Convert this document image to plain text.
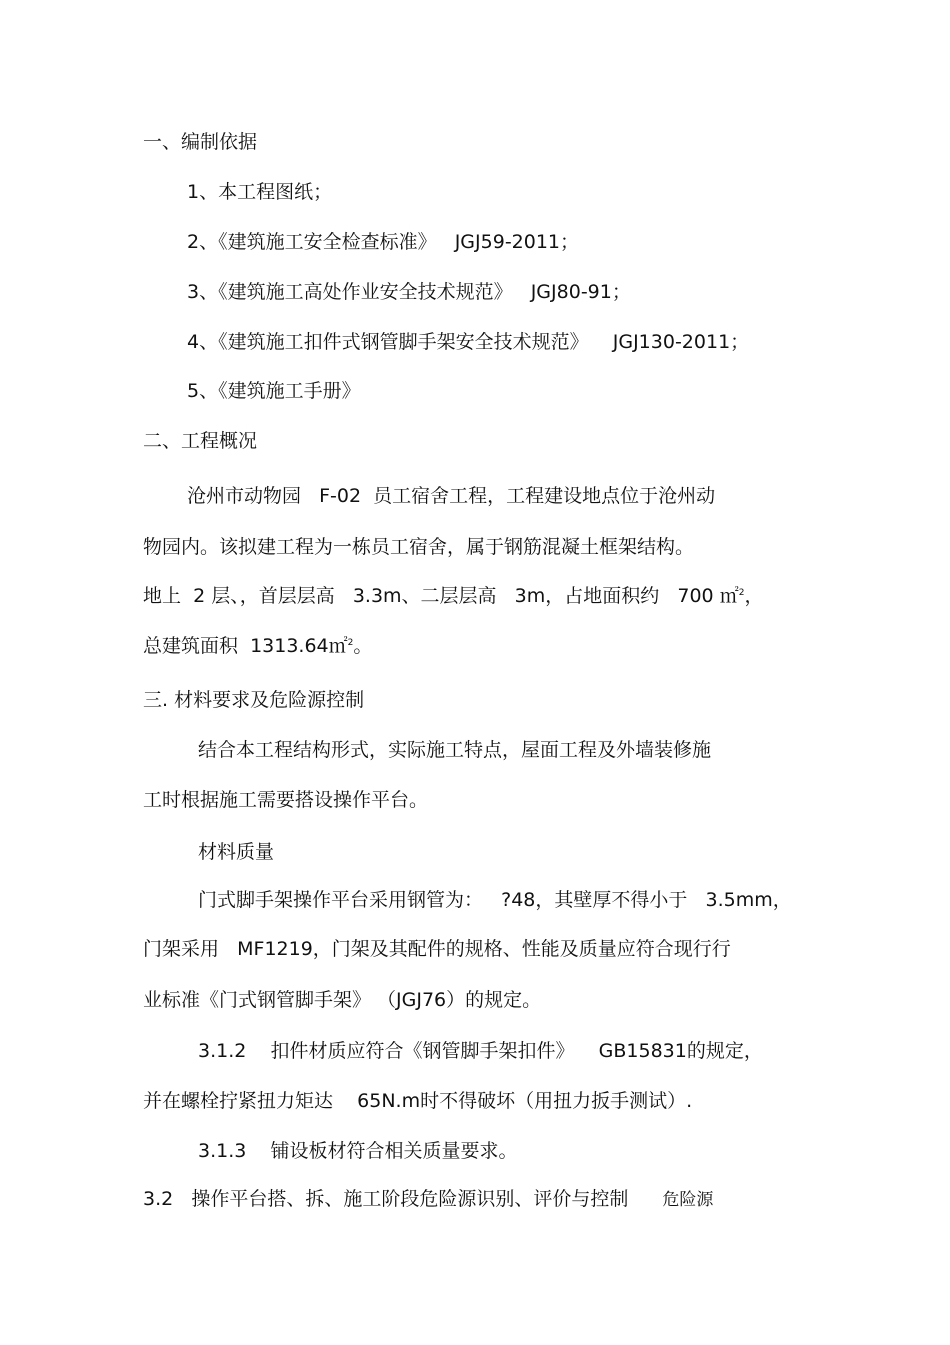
一、编制依据
1、本工程图纸；
2、《建筑施工安全检查标准》   JGJ59-2011；
3、《建筑施工高处作业安全技术规范》   JGJ80-91；
4、《建筑施工扣件式钢管脚手架安全技术规范》    JGJ130-2011；
5、《建筑施工手册》
二、工程概况
沧州市动物园   F-02  员工宿舍工程，工程建设地点位于沧州动
物园内。该拟建工程为一栋员工宿舍，属于钢筋混凝土框架结构。
地上  2 层、，首层层高   3.3m、二层层高   3m，占地面积约   700 ㎡$^2$，
总建筑面积  1313.64㎡$^2$。
三. 材料要求及危险源控制
结合本工程结构形式，实际施工特点，屋面工程及外墙装修施
工时根据施工需要搭设操作平台。
材料质量
门式脚手架操作平台采用钢管为：   ?48，其壁厚不得小于   3.5mm，
门架采用   MF1219，门架及其配件的规格、性能及质量应符合现行行
业标准《门式钢管脚手架》 （JGJ76）的规定。
3.1.2    扣件材质应符合《钢管脚手架扣件》    GB15831的规定，
并在螺栓拧紧扭力矩达    65N.m时不得破坏（用扭力扳手测试）.
3.1.3    铺设板材符合相关质量要求。
3.2   操作平台搭、拆、施工阶段危险源识别、评价与控制 危险源
